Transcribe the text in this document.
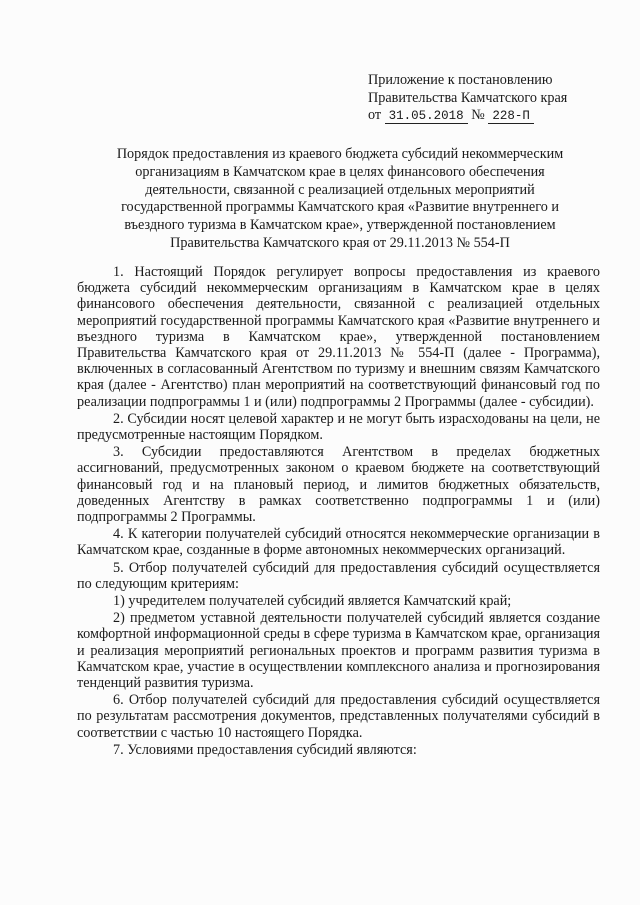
Приложение к постановлению
Правительства Камчатского края
от 31.05.2018 № 228-П
Порядок предоставления из краевого бюджета субсидий некоммерческим организациям в Камчатском крае в целях финансового обеспечения деятельности, связанной с реализацией отдельных мероприятий государственной программы Камчатского края «Развитие внутреннего и въездного туризма в Камчатском крае», утвержденной постановлением Правительства Камчатского края от 29.11.2013 № 554-П

1. Настоящий Порядок регулирует вопросы предоставления из краевого бюджета субсидий некоммерческим организациям в Камчатском крае в целях финансового обеспечения деятельности, связанной с реализацией отдельных мероприятий государственной программы Камчатского края «Развитие внутреннего и въездного туризма в Камчатском крае», утвержденной постановлением Правительства Камчатского края от 29.11.2013 № 554-П (далее - Программа), включенных в согласованный Агентством по туризму и внешним связям Камчатского края (далее - Агентство) план мероприятий на соответствующий финансовый год по реализации подпрограммы 1 и (или) подпрограммы 2 Программы (далее - субсидии).

2. Субсидии носят целевой характер и не могут быть израсходованы на цели, не предусмотренные настоящим Порядком.

3. Субсидии предоставляются Агентством в пределах бюджетных ассигнований, предусмотренных законом о краевом бюджете на соответствующий финансовый год и на плановый период, и лимитов бюджетных обязательств, доведенных Агентству в рамках соответственно подпрограммы 1 и (или) подпрограммы 2 Программы.

4. К категории получателей субсидий относятся некоммерческие организации в Камчатском крае, созданные в форме автономных некоммерческих организаций.

5. Отбор получателей субсидий для предоставления субсидий осуществляется по следующим критериям:

1) учредителем получателей субсидий является Камчатский край;

2) предметом уставной деятельности получателей субсидий является создание комфортной информационной среды в сфере туризма в Камчатском крае, организация и реализация мероприятий региональных проектов и программ развития туризма в Камчатском крае, участие в осуществлении комплексного анализа и прогнозирования тенденций развития туризма.

6. Отбор получателей субсидий для предоставления субсидий осуществляется по результатам рассмотрения документов, представленных получателями субсидий в соответствии с частью 10 настоящего Порядка.

7. Условиями предоставления субсидий являются:
